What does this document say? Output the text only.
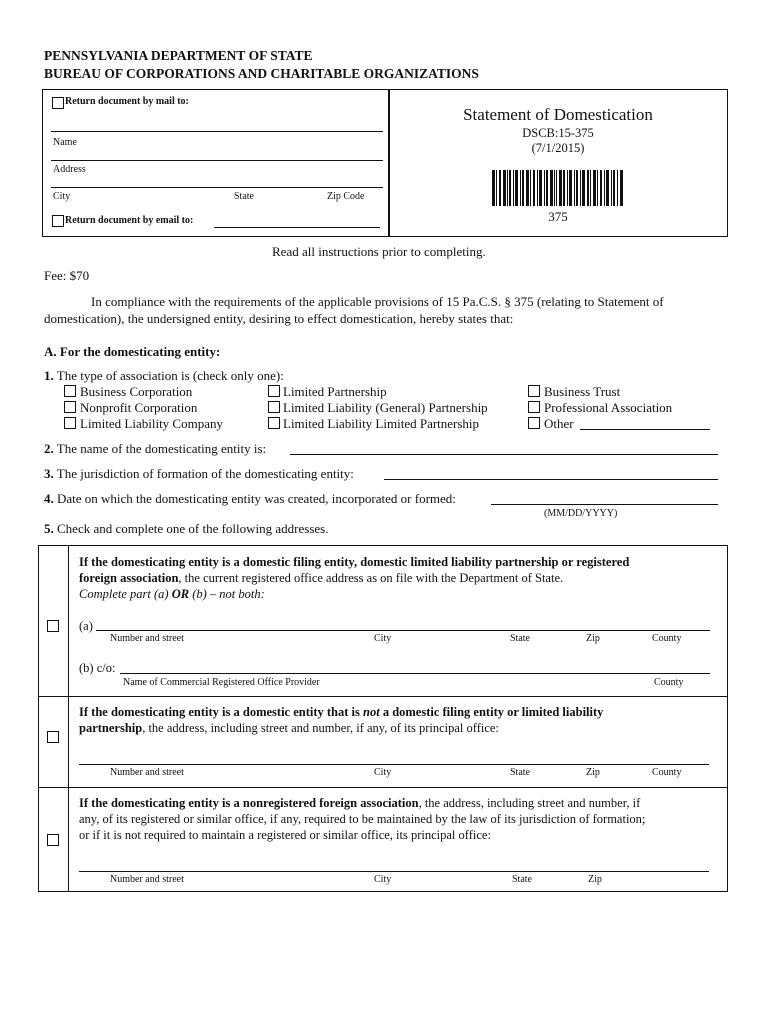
PENNSYLVANIA DEPARTMENT OF STATE
BUREAU OF CORPORATIONS AND CHARITABLE ORGANIZATIONS
Return document by mail to:
Name
Address
City	State	Zip Code
Return document by email to:
Statement of Domestication
DSCB:15-375
(7/1/2015)
375
Read all instructions prior to completing.
Fee: $70
In compliance with the requirements of the applicable provisions of 15 Pa.C.S. § 375 (relating to Statement of
domestication), the undersigned entity, desiring to effect domestication, hereby states that:
A. For the domesticating entity:
1. The type of association is (check only one):
Business Corporation	Limited Partnership	Business Trust
Nonprofit Corporation	Limited Liability (General) Partnership	Professional Association
Limited Liability Company	Limited Liability Limited Partnership	Other
2. The name of the domesticating entity is:
3. The jurisdiction of formation of the domesticating entity:
4. Date on which the domesticating entity was created, incorporated or formed:
(MM/DD/YYYY)
5. Check and complete one of the following addresses.
If the domesticating entity is a domestic filing entity, domestic limited liability partnership or registered
foreign association, the current registered office address as on file with the Department of State.
Complete part (a) OR (b) – not both:
(a)
Number and street	City	State	Zip	County
(b) c/o:
Name of Commercial Registered Office Provider	County
If the domesticating entity is a domestic entity that is not a domestic filing entity or limited liability
partnership, the address, including street and number, if any, of its principal office:
Number and street	City	State	Zip	County
If the domesticating entity is a nonregistered foreign association, the address, including street and number, if
any, of its registered or similar office, if any, required to be maintained by the law of its jurisdiction of formation;
or if it is not required to maintain a registered or similar office, its principal office:
Number and street	City	State	Zip
